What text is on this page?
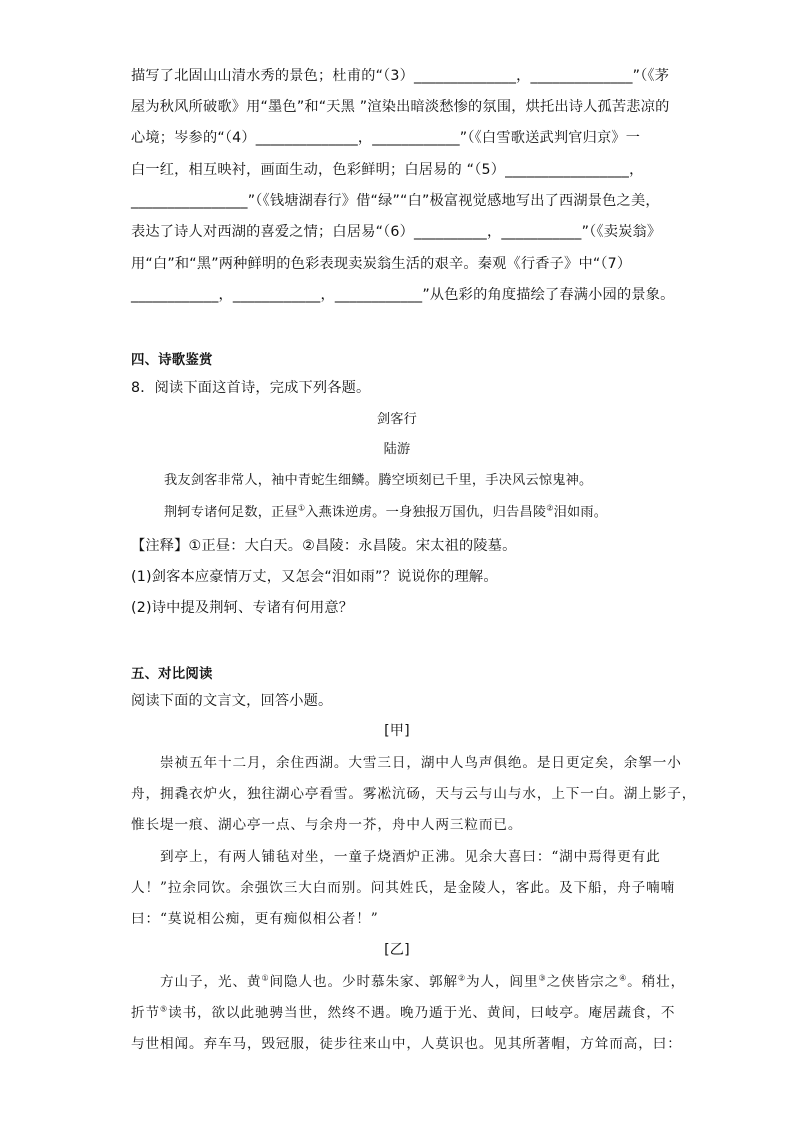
描写了北固山山清水秀的景色；杜甫的“（3）______________，______________”（《茅
屋为秋风所破歌》用“墨色”和“天黑 ”渲染出暗淡愁惨的氛围，烘托出诗人孤苦悲凉的
心境；岑参的“（4）______________，____________”（《白雪歌送武判官归京》一
白一红，相互映衬，画面生动，色彩鲜明；白居易的 “（5）_________________，
________________”（《钱塘湖春行》借“绿”“白”极富视觉感地写出了西湖景色之美，
表达了诗人对西湖的喜爱之情；白居易“（6）__________，___________”（《卖炭翁》
用“白”和“黑”两种鲜明的色彩表现卖炭翁生活的艰辛。秦观《行香子》中“（7）
____________，____________，____________”从色彩的角度描绘了春满小园的景象。
四、诗歌鉴赏
8．阅读下面这首诗，完成下列各题。
剑客行
陆游
我友剑客非常人，袖中青蛇生细鳞。腾空顷刻已千里，手决风云惊鬼神。
荆轲专诸何足数，正昼①入燕诛逆虏。一身独报万国仇，归告昌陵②泪如雨。
【注释】①正昼：大白天。②昌陵：永昌陵。宋太祖的陵墓。
(1)剑客本应豪情万丈，又怎会“泪如雨”？说说你的理解。
(2)诗中提及荆轲、专诸有何用意？
五、对比阅读
阅读下面的文言文，回答小题。
[甲]
崇祯五年十二月，余住西湖。大雪三日，湖中人鸟声俱绝。是日更定矣，余挐一小
舟，拥毳衣炉火，独往湖心亭看雪。雾凇沆砀，天与云与山与水，上下一白。湖上影子，
惟长堤一痕、湖心亭一点、与余舟一芥，舟中人两三粒而已。
到亭上，有两人铺毡对坐，一童子烧酒炉正沸。见余大喜曰：“湖中焉得更有此
人！”拉余同饮。余强饮三大白而别。问其姓氏，是金陵人，客此。及下船，舟子喃喃
曰：“莫说相公痴，更有痴似相公者！”
[乙]
方山子，光、黄①间隐人也。少时慕朱家、郭解②为人，闾里③之侠皆宗之④。稍壮，
折节⑤读书，欲以此驰骋当世，然终不遇。晚乃遁于光、黄间，曰岐亭。庵居蔬食，不
与世相闻。弃车马，毁冠服，徒步往来山中，人莫识也。见其所著帽，方耸而高，曰：
